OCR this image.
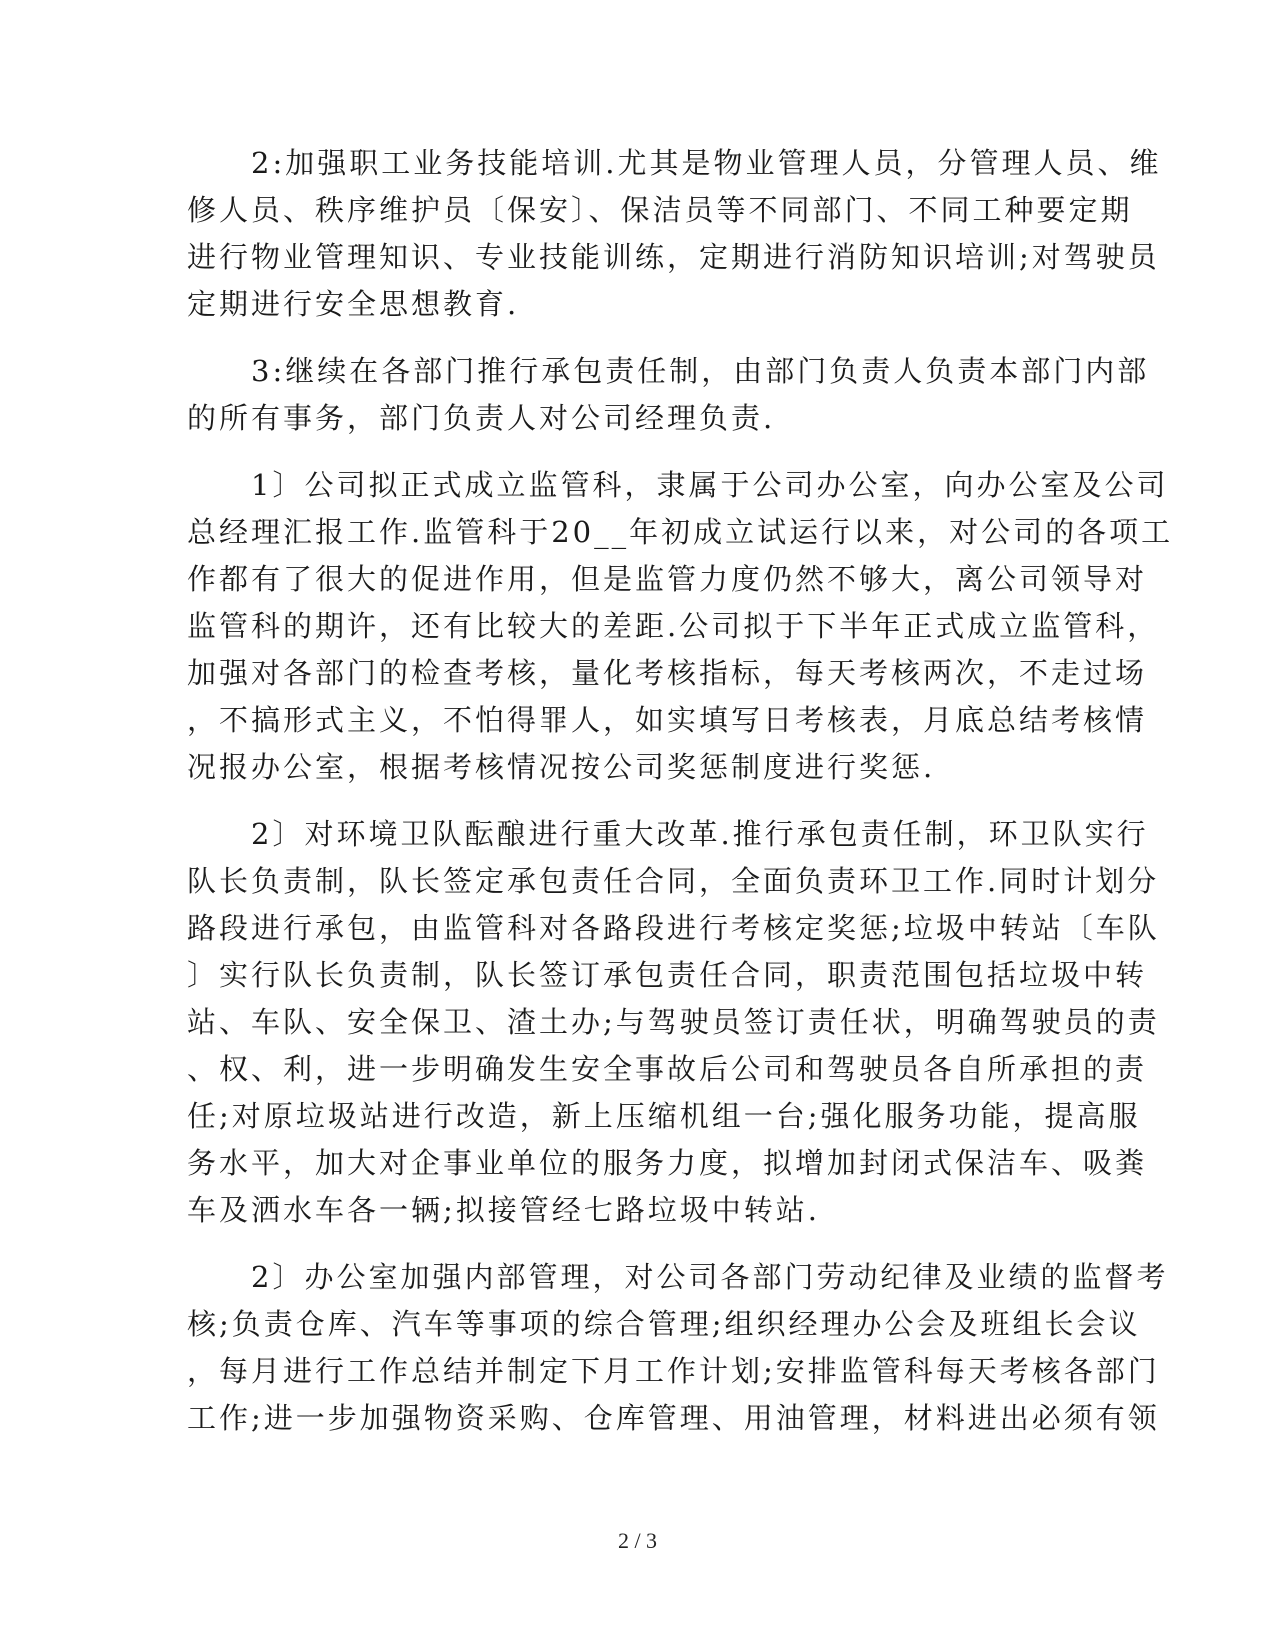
　　2:加强职工业务技能培训.尤其是物业管理人员，分管理人员、维
修人员、秩序维护员〔保安〕、保洁员等不同部门、不同工种要定期
进行物业管理知识、专业技能训练，定期进行消防知识培训;对驾驶员
定期进行安全思想教育.
　　3:继续在各部门推行承包责任制，由部门负责人负责本部门内部
的所有事务，部门负责人对公司经理负责.
　　1〕公司拟正式成立监管科，隶属于公司办公室，向办公室及公司
总经理汇报工作.监管科于20__年初成立试运行以来，对公司的各项工
作都有了很大的促进作用，但是监管力度仍然不够大，离公司领导对
监管科的期许，还有比较大的差距.公司拟于下半年正式成立监管科，
加强对各部门的检查考核，量化考核指标，每天考核两次，不走过场
，不搞形式主义，不怕得罪人，如实填写日考核表，月底总结考核情
况报办公室，根据考核情况按公司奖惩制度进行奖惩.
　　2〕对环境卫队酝酿进行重大改革.推行承包责任制，环卫队实行
队长负责制，队长签定承包责任合同，全面负责环卫工作.同时计划分
路段进行承包，由监管科对各路段进行考核定奖惩;垃圾中转站〔车队
〕实行队长负责制，队长签订承包责任合同，职责范围包括垃圾中转
站、车队、安全保卫、渣土办;与驾驶员签订责任状，明确驾驶员的责
、权、利，进一步明确发生安全事故后公司和驾驶员各自所承担的责
任;对原垃圾站进行改造，新上压缩机组一台;强化服务功能，提高服
务水平，加大对企事业单位的服务力度，拟增加封闭式保洁车、吸粪
车及洒水车各一辆;拟接管经七路垃圾中转站.
　　2〕办公室加强内部管理，对公司各部门劳动纪律及业绩的监督考
核;负责仓库、汽车等事项的综合管理;组织经理办公会及班组长会议
，每月进行工作总结并制定下月工作计划;安排监管科每天考核各部门
工作;进一步加强物资采购、仓库管理、用油管理，材料进出必须有领
2 / 3
